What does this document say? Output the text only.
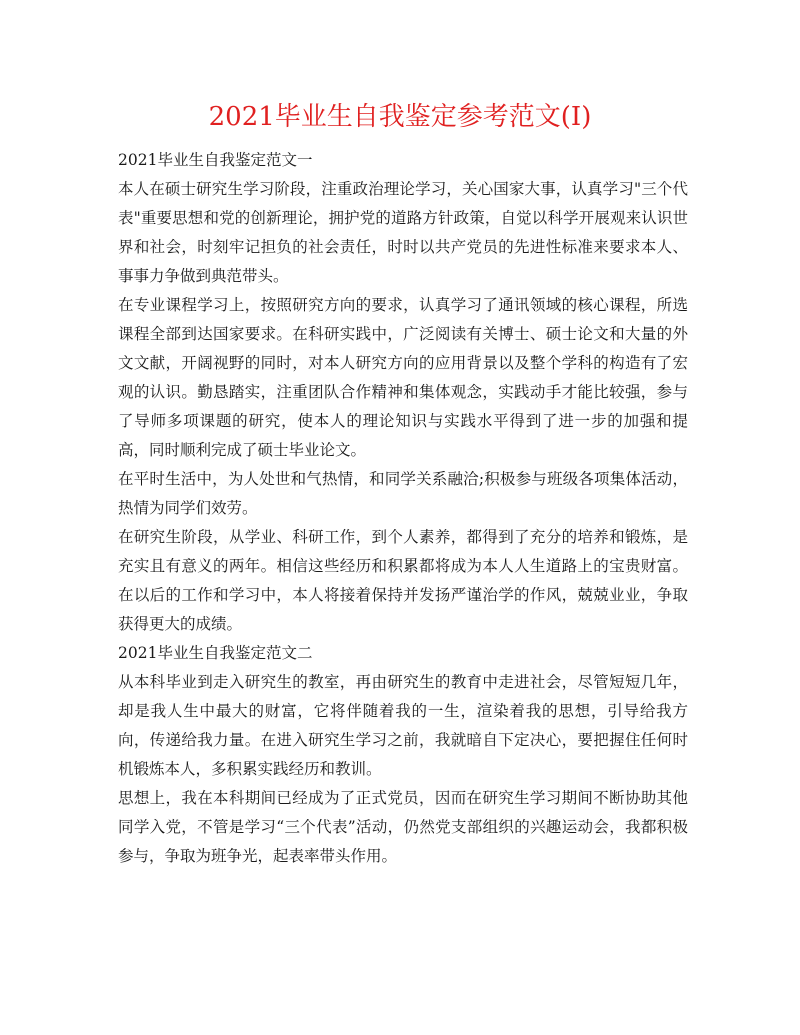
2021毕业生自我鉴定参考范文(I)
2021毕业生自我鉴定范文一

本人在硕士研究生学习阶段，注重政治理论学习，关心国家大事，认真学习"三个代表"重要思想和党的创新理论，拥护党的道路方针政策，自觉以科学开展观来认识世界和社会，时刻牢记担负的社会责任，时时以共产党员的先进性标准来要求本人、事事力争做到典范带头。

在专业课程学习上，按照研究方向的要求，认真学习了通讯领域的核心课程，所选课程全部到达国家要求。在科研实践中，广泛阅读有关博士、硕士论文和大量的外文文献，开阔视野的同时，对本人研究方向的应用背景以及整个学科的构造有了宏观的认识。勤恳踏实，注重团队合作精神和集体观念，实践动手才能比较强，参与了导师多项课题的研究，使本人的理论知识与实践水平得到了进一步的加强和提高，同时顺利完成了硕士毕业论文。

在平时生活中，为人处世和气热情，和同学关系融洽;积极参与班级各项集体活动，热情为同学们效劳。

在研究生阶段，从学业、科研工作，到个人素养，都得到了充分的培养和锻炼，是充实且有意义的两年。相信这些经历和积累都将成为本人人生道路上的宝贵财富。在以后的工作和学习中，本人将接着保持并发扬严谨治学的作风，兢兢业业，争取获得更大的成绩。

2021毕业生自我鉴定范文二

从本科毕业到走入研究生的教室，再由研究生的教育中走进社会，尽管短短几年，却是我人生中最大的财富，它将伴随着我的一生，渲染着我的思想，引导给我方向，传递给我力量。在进入研究生学习之前，我就暗自下定决心，要把握住任何时机锻炼本人，多积累实践经历和教训。

思想上，我在本科期间已经成为了正式党员，因而在研究生学习期间不断协助其他同学入党，不管是学习“三个代表”活动，仍然党支部组织的兴趣运动会，我都积极参与，争取为班争光，起表率带头作用。
